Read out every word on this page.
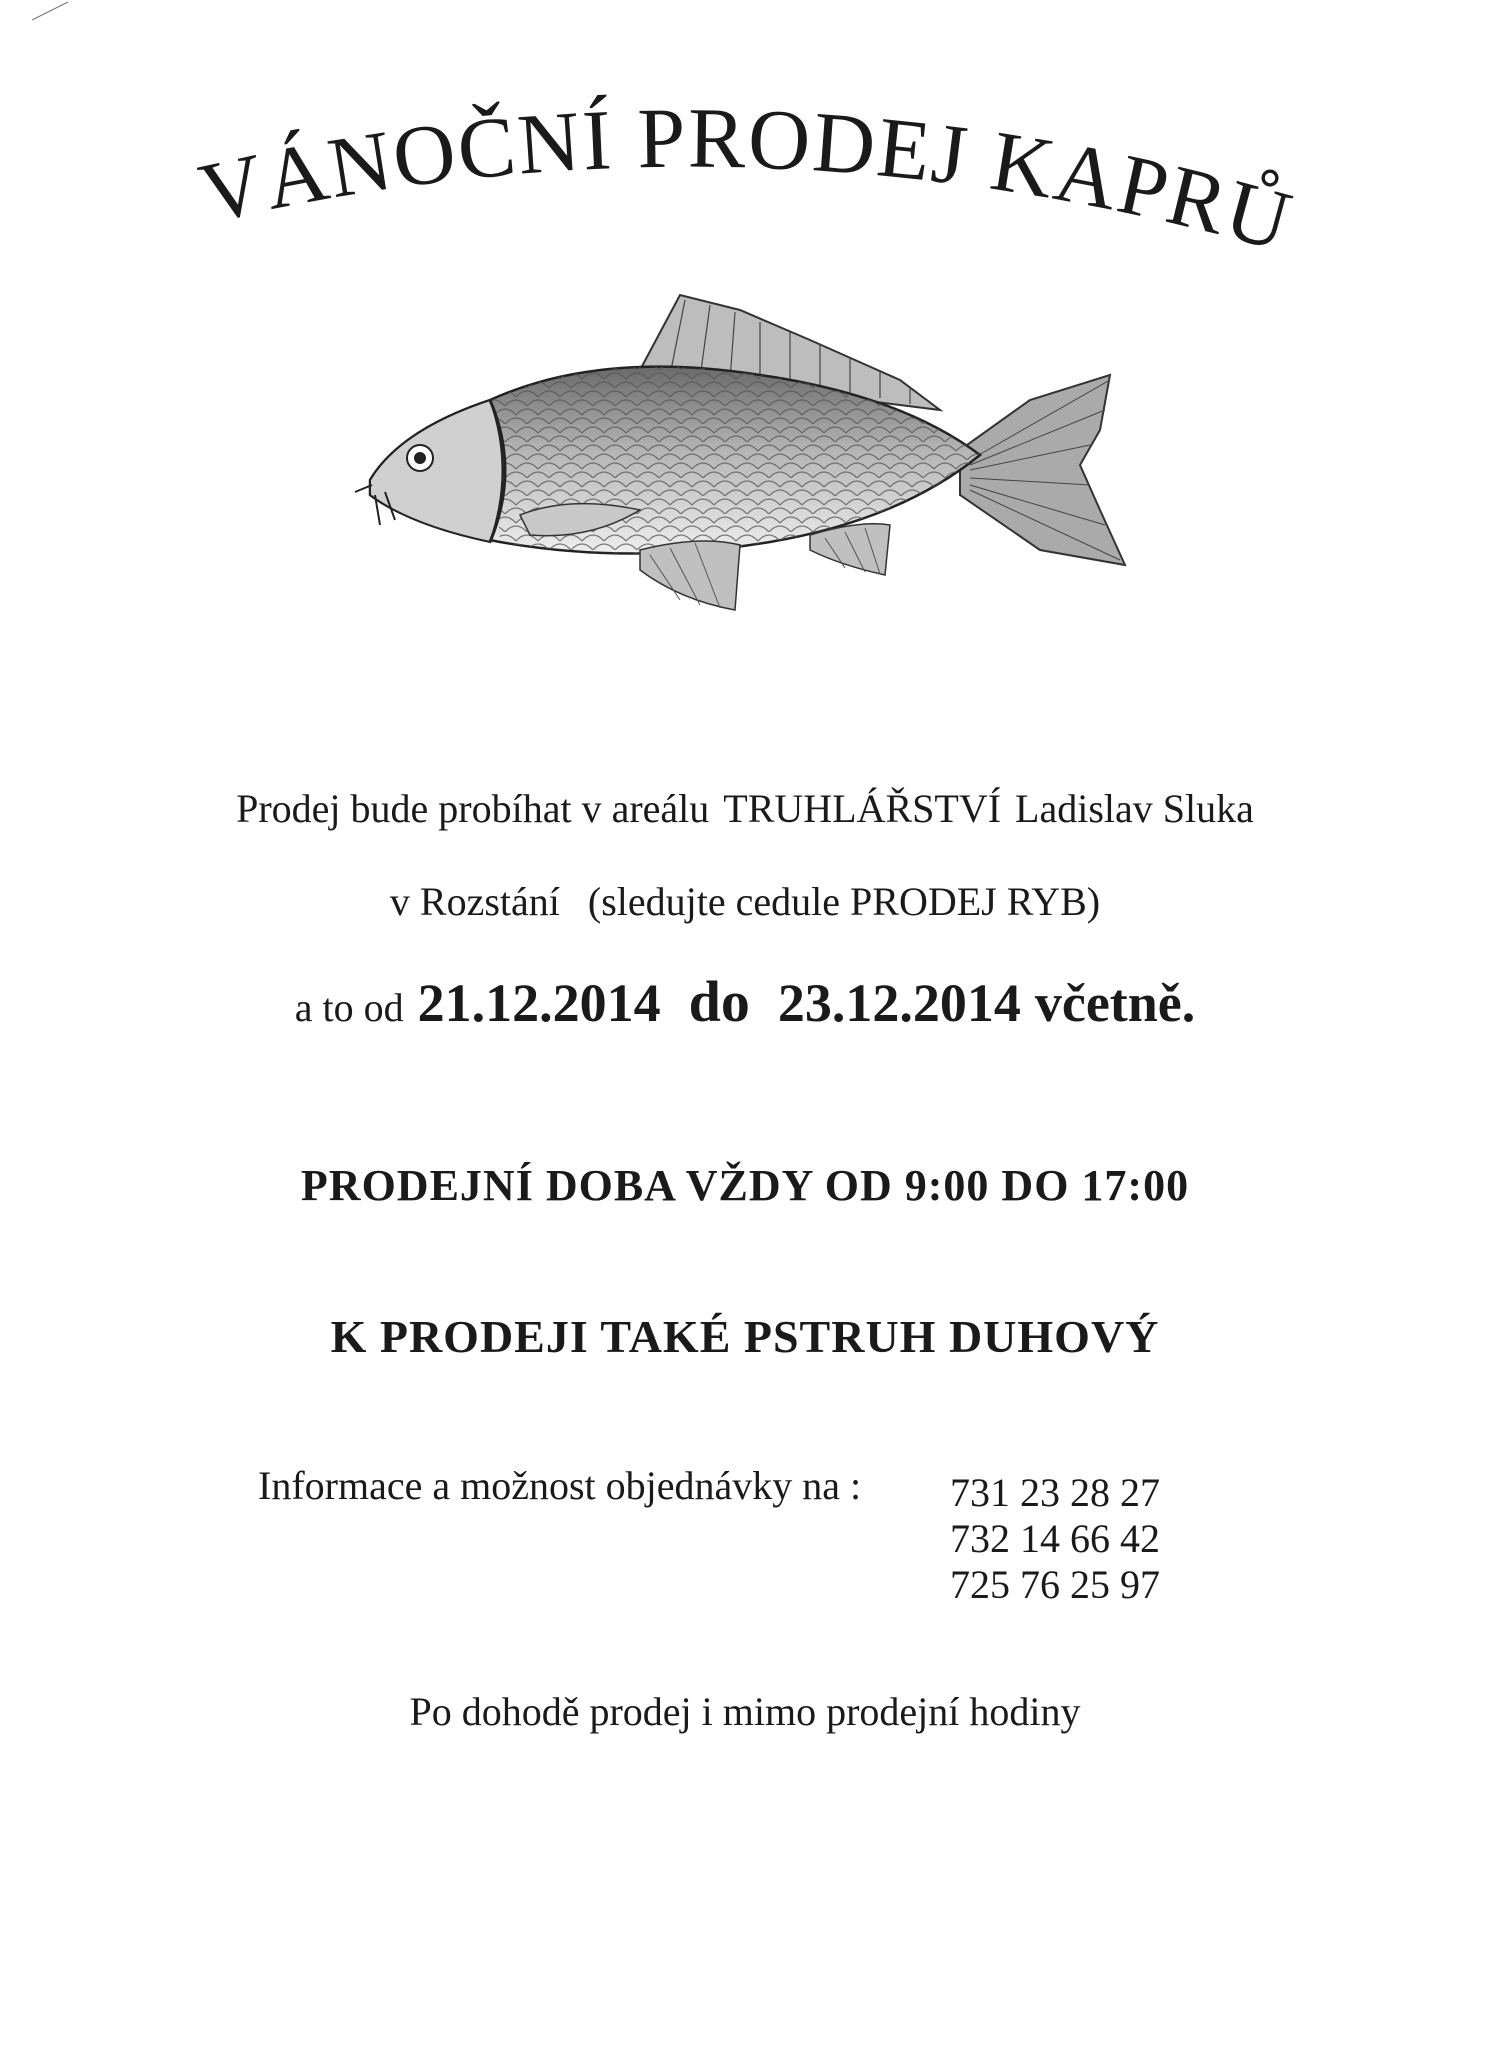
VÁNOČNÍ PRODEJ KAPRŮ
Prodej bude probíhat v areálu TRUHLÁŘSTVÍ Ladislav Sluka
v Rozstání (sledujte cedule PRODEJ RYB)
a to od 21.12.2014 do 23.12.2014 včetně.
PRODEJNÍ DOBA VŽDY OD 9:00 DO 17:00
K PRODEJI TAKÉ PSTRUH DUHOVÝ
Informace a možnost objednávky na : 731 23 28 27
732 14 66 42
725 76 25 97
Po dohodě prodej i mimo prodejní hodiny
